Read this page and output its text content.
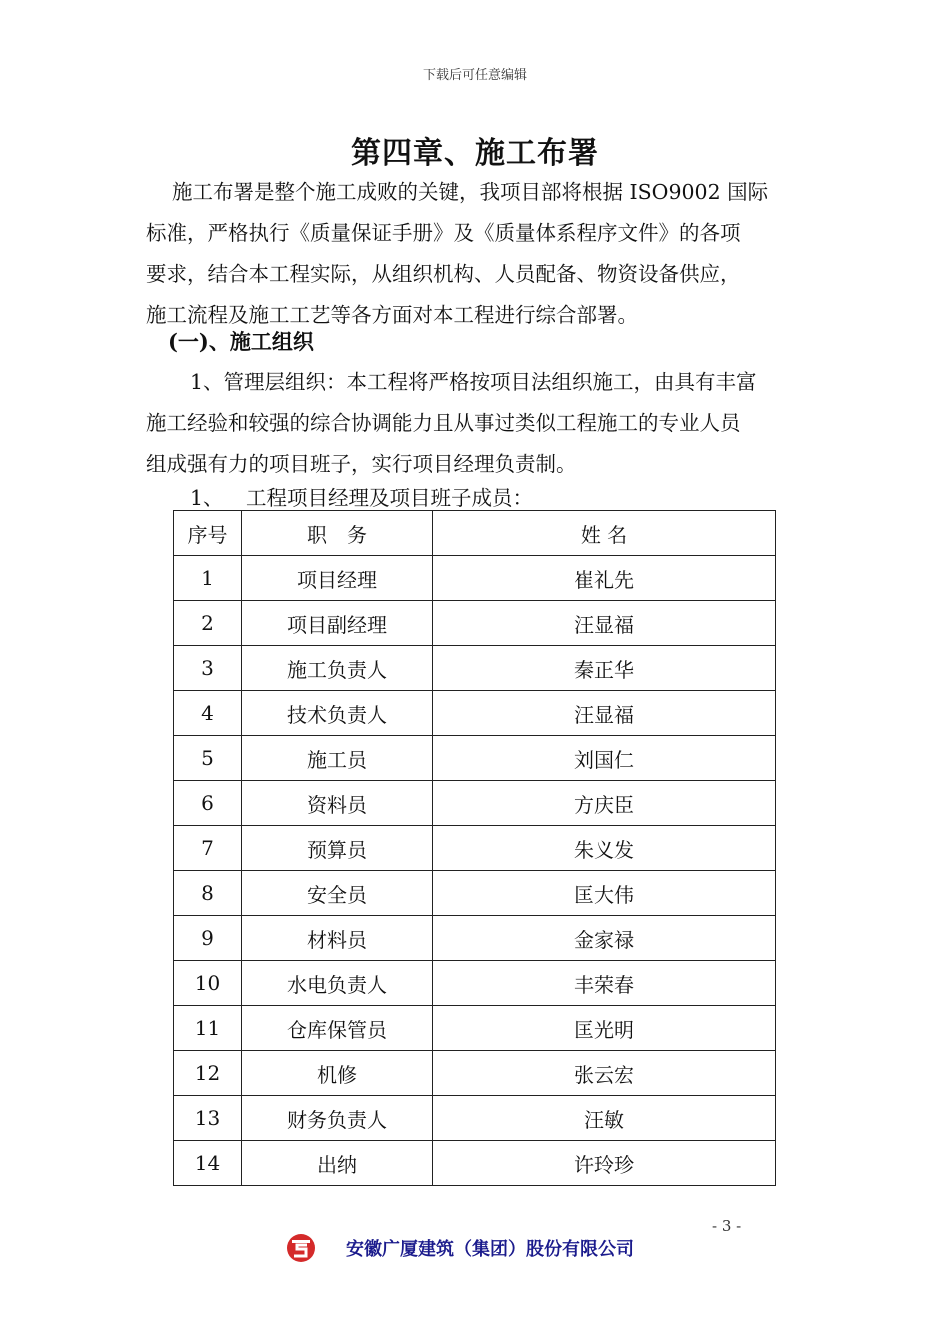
下载后可任意编辑
第四章、施工布署

施工布署是整个施工成败的关键，我项目部将根据 ISO9002 国际

标准，严格执行《质量保证手册》及《质量体系程序文件》的各项

要求，结合本工程实际，从组织机构、人员配备、物资设备供应，

施工流程及施工工艺等各方面对本工程进行综合部署。

(一)、施工组织

1、管理层组织：本工程将严格按项目法组织施工，由具有丰富

施工经验和较强的综合协调能力且从事过类似工程施工的专业人员

组成强有力的项目班子，实行项目经理负责制。

1、 工程项目经理及项目班子成员：
序号	职　务	姓 名
1	项目经理	崔礼先
2	项目副经理	汪显福
3	施工负责人	秦正华
4	技术负责人	汪显福
5	施工员	刘国仁
6	资料员	方庆臣
7	预算员	朱义发
8	安全员	匡大伟
9	材料员	金家禄
10	水电负责人	丰荣春
11	仓库保管员	匡光明
12	机修	张云宏
13	财务负责人	汪敏
14	出纳	许玲珍
- 3 -
安徽广厦建筑（集团）股份有限公司
